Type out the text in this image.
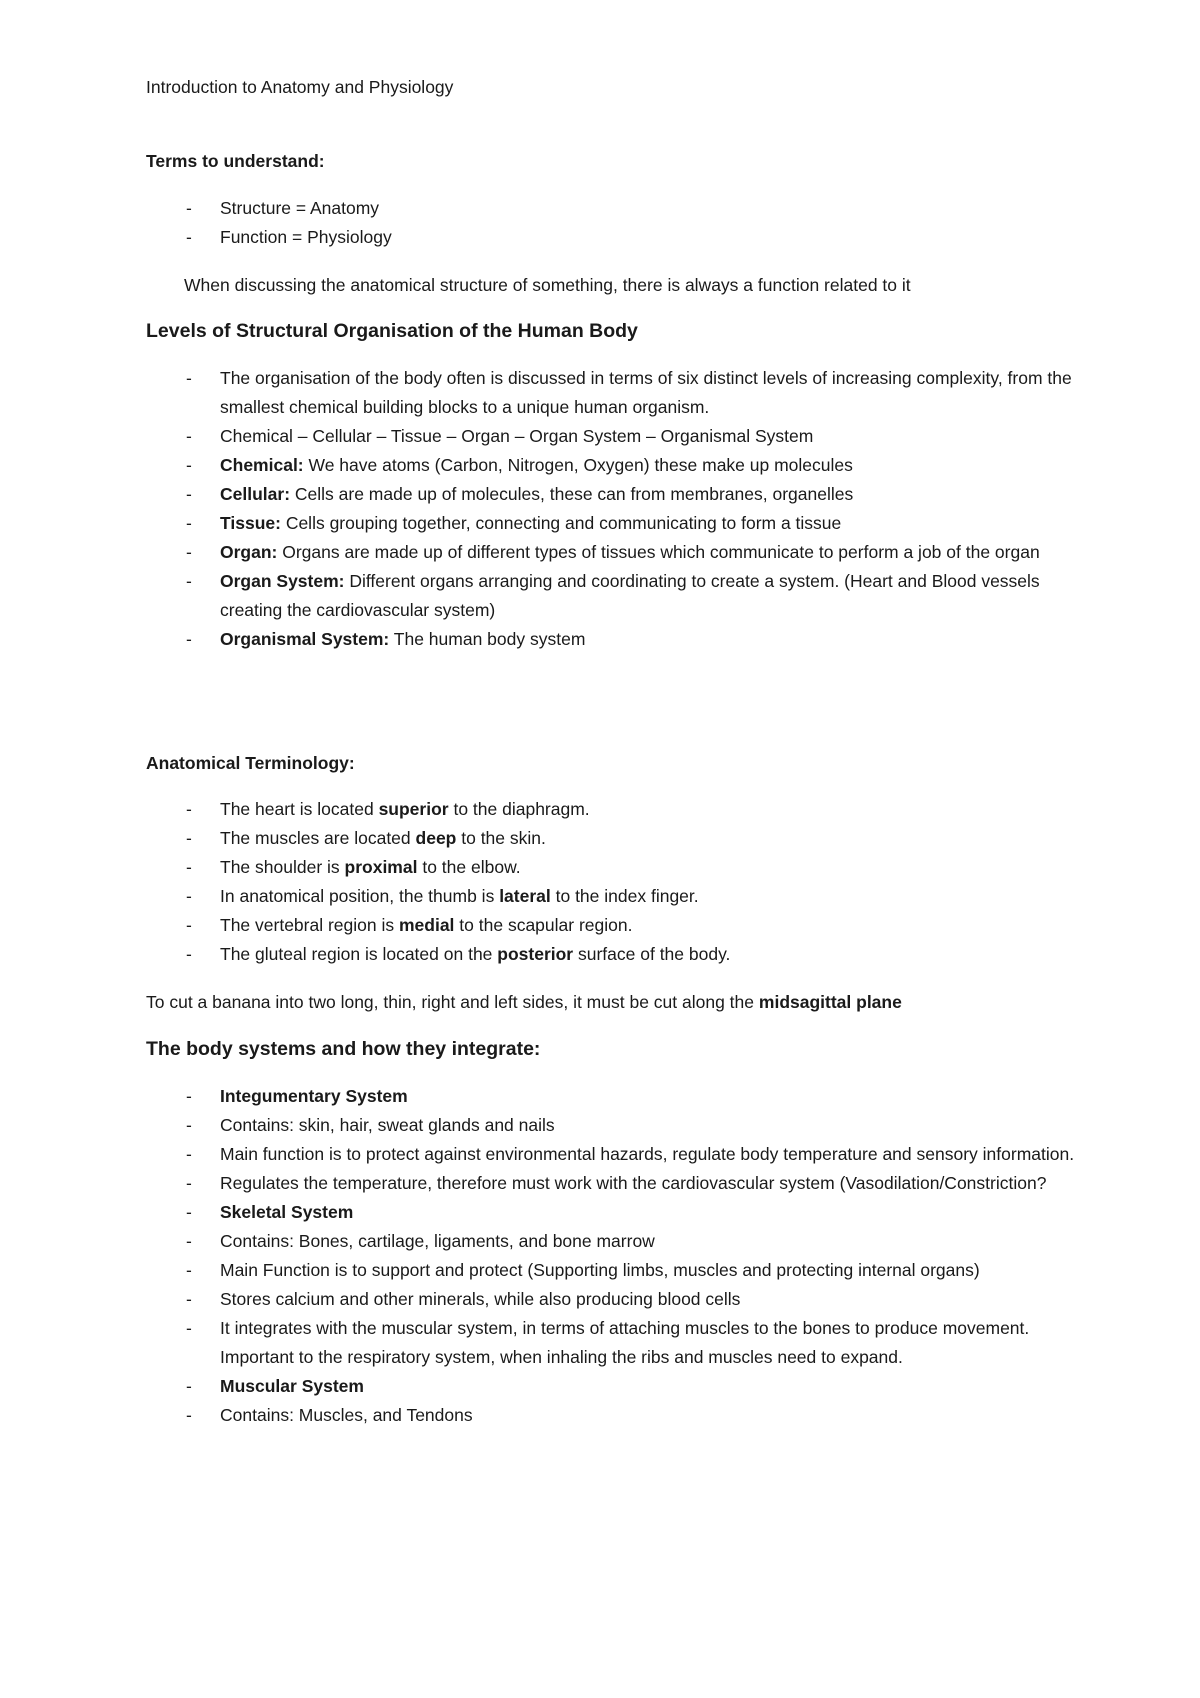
Introduction to Anatomy and Physiology
Terms to understand:
- Structure = Anatomy
- Function = Physiology
When discussing the anatomical structure of something, there is always a function related to it
Levels of Structural Organisation of the Human Body
- The organisation of the body often is discussed in terms of six distinct levels of increasing complexity, from the smallest chemical building blocks to a unique human organism.
- Chemical – Cellular – Tissue – Organ – Organ System – Organismal System
- Chemical: We have atoms (Carbon, Nitrogen, Oxygen) these make up molecules
- Cellular: Cells are made up of molecules, these can from membranes, organelles
- Tissue: Cells grouping together, connecting and communicating to form a tissue
- Organ: Organs are made up of different types of tissues which communicate to perform a job of the organ
- Organ System: Different organs arranging and coordinating to create a system. (Heart and Blood vessels creating the cardiovascular system)
- Organismal System: The human body system
Anatomical Terminology:
- The heart is located superior to the diaphragm.
- The muscles are located deep to the skin.
- The shoulder is proximal to the elbow.
- In anatomical position, the thumb is lateral to the index finger.
- The vertebral region is medial to the scapular region.
- The gluteal region is located on the posterior surface of the body.
To cut a banana into two long, thin, right and left sides, it must be cut along the midsagittal plane
The body systems and how they integrate:
- Integumentary System
- Contains: skin, hair, sweat glands and nails
- Main function is to protect against environmental hazards, regulate body temperature and sensory information.
- Regulates the temperature, therefore must work with the cardiovascular system (Vasodilation/Constriction?
- Skeletal System
- Contains: Bones, cartilage, ligaments, and bone marrow
- Main Function is to support and protect (Supporting limbs, muscles and protecting internal organs)
- Stores calcium and other minerals, while also producing blood cells
- It integrates with the muscular system, in terms of attaching muscles to the bones to produce movement. Important to the respiratory system, when inhaling the ribs and muscles need to expand.
- Muscular System
- Contains: Muscles, and Tendons
